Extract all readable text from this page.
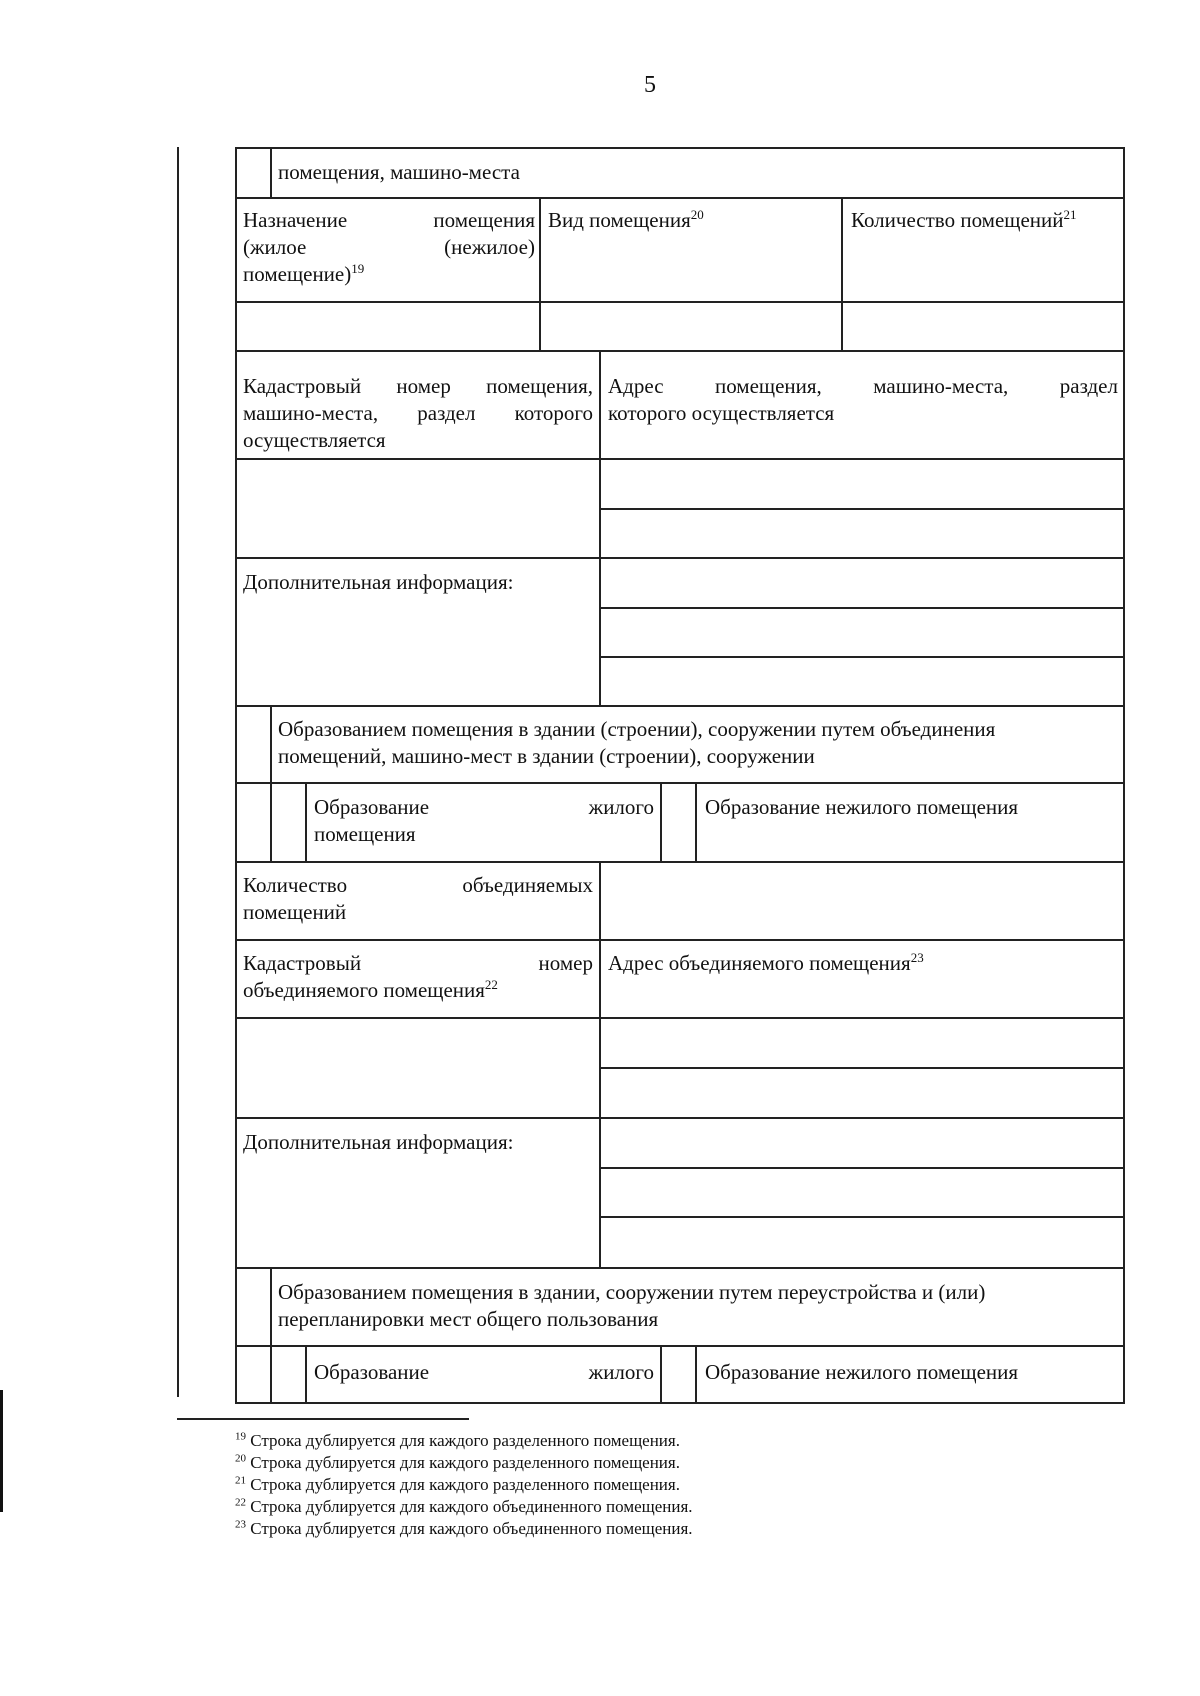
5
помещения, машино-места
Назначение помещения
(жилое (нежилое)
помещение)$^{19}$
Вид помещения$^{20}$	Количество помещений$^{21}$
Кадастровый номер помещения,
машино-места, раздел которого
осуществляется
Адрес помещения, машино-места, раздел
которого осуществляется
Дополнительная информация:
Образованием помещения в здании (строении), сооружении путем объединения
помещений, машино-мест в здании (строении), сооружении
Образование жилого
помещения
Образование нежилого помещения
Количество объединяемых
помещений
Кадастровый номер
объединяемого помещения$^{22}$
Адрес объединяемого помещения$^{23}$
Дополнительная информация:
Образованием помещения в здании, сооружении путем переустройства и (или)
перепланировки мест общего пользования
Образование жилого Образование нежилого помещения
$^{19}$ Строка дублируется для каждого разделенного помещения.
$^{20}$ Строка дублируется для каждого разделенного помещения.
$^{21}$ Строка дублируется для каждого разделенного помещения.
$^{22}$ Строка дублируется для каждого объединенного помещения.
$^{23}$ Строка дублируется для каждого объединенного помещения.
